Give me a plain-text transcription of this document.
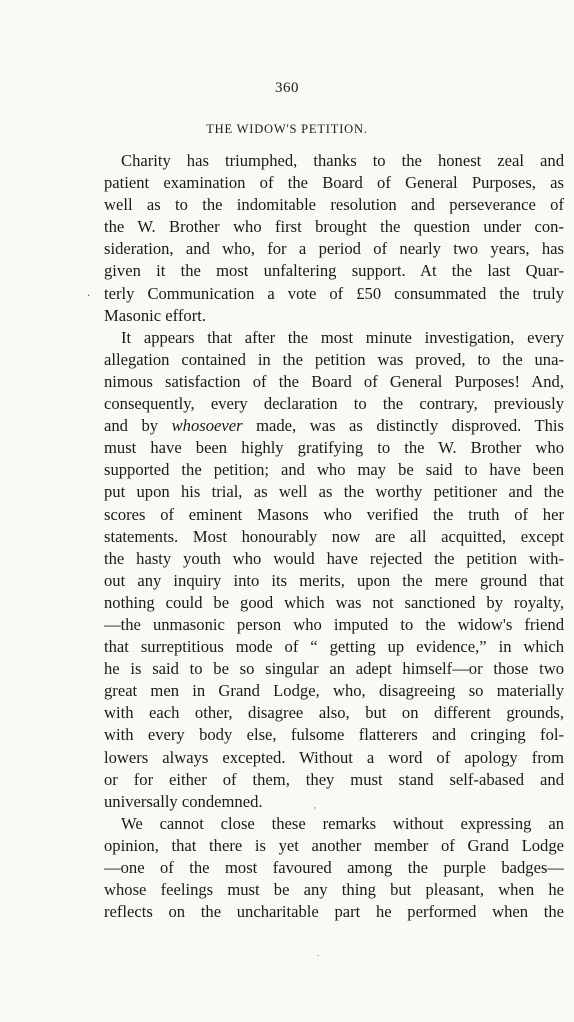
360
THE WIDOW'S PETITION.
.
'
.
Charity has triumphed, thanks to the honest zeal and
patient examination of the Board of General Purposes, as
well as to the indomitable resolution and perseverance of
the W. Brother who first brought the question under con-
sideration, and who, for a period of nearly two years, has
given it the most unfaltering support. At the last Quar-
terly Communication a vote of £50 consummated the truly
Masonic effort.
It appears that after the most minute investigation, every
allegation contained in the petition was proved, to the una-
nimous satisfaction of the Board of General Purposes! And,
consequently, every declaration to the contrary, previously
and by whosoever made, was as distinctly disproved. This
must have been highly gratifying to the W. Brother who
supported the petition; and who may be said to have been
put upon his trial, as well as the worthy petitioner and the
scores of eminent Masons who verified the truth of her
statements. Most honourably now are all acquitted, except
the hasty youth who would have rejected the petition with-
out any inquiry into its merits, upon the mere ground that
nothing could be good which was not sanctioned by royalty,
—the unmasonic person who imputed to the widow's friend
that surreptitious mode of “ getting up evidence,” in which
he is said to be so singular an adept himself—or those two
great men in Grand Lodge, who, disagreeing so materially
with each other, disagree also, but on different grounds,
with every body else, fulsome flatterers and cringing fol-
lowers always excepted. Without a word of apology from
or for either of them, they must stand self-abased and
universally condemned.
We cannot close these remarks without expressing an
opinion, that there is yet another member of Grand Lodge
—one of the most favoured among the purple badges—
whose feelings must be any thing but pleasant, when he
reflects on the uncharitable part he performed when the
